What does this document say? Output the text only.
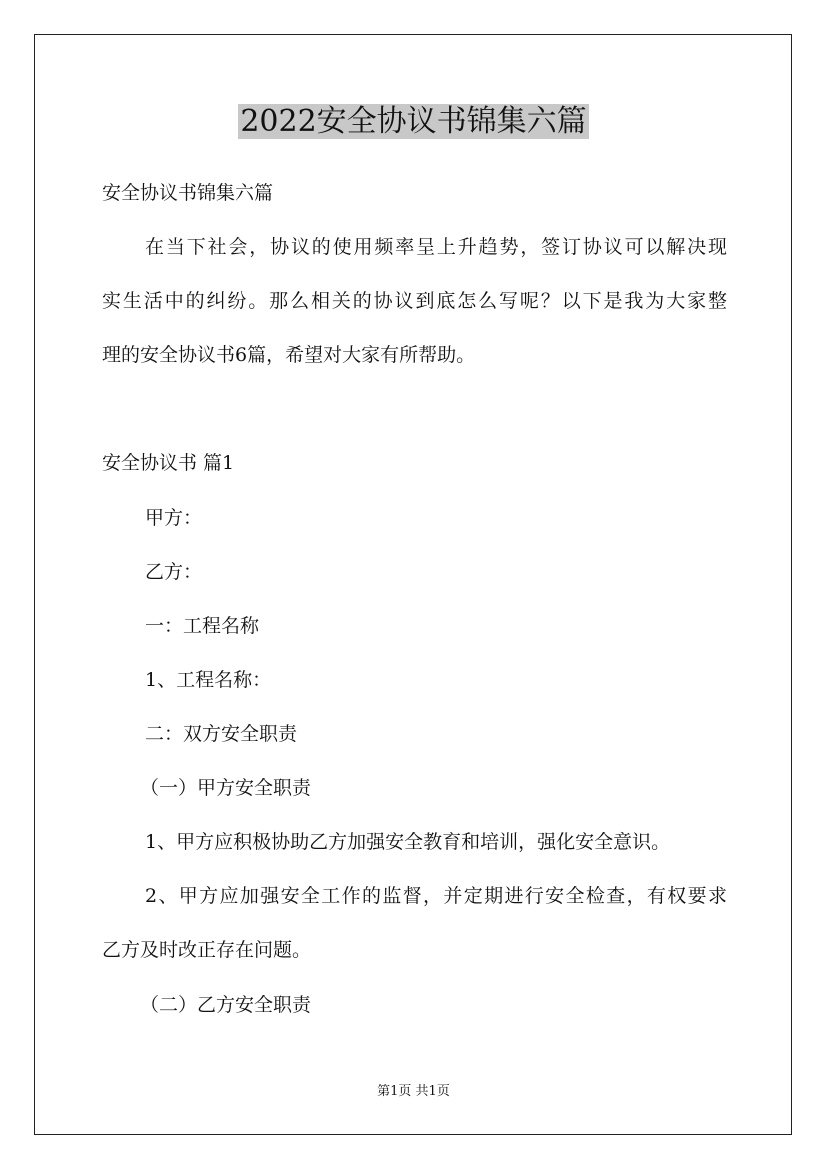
2022安全协议书锦集六篇
安全协议书锦集六篇
在当下社会，协议的使用频率呈上升趋势，签订协议可以解决现
实生活中的纠纷。那么相关的协议到底怎么写呢？以下是我为大家整
理的安全协议书6篇，希望对大家有所帮助。
安全协议书 篇1
甲方：
乙方：
一：工程名称
1、工程名称：
二：双方安全职责
（一）甲方安全职责
1、甲方应积极协助乙方加强安全教育和培训，强化安全意识。
2、甲方应加强安全工作的监督，并定期进行安全检查，有权要求
乙方及时改正存在问题。
（二）乙方安全职责
第1页 共1页
